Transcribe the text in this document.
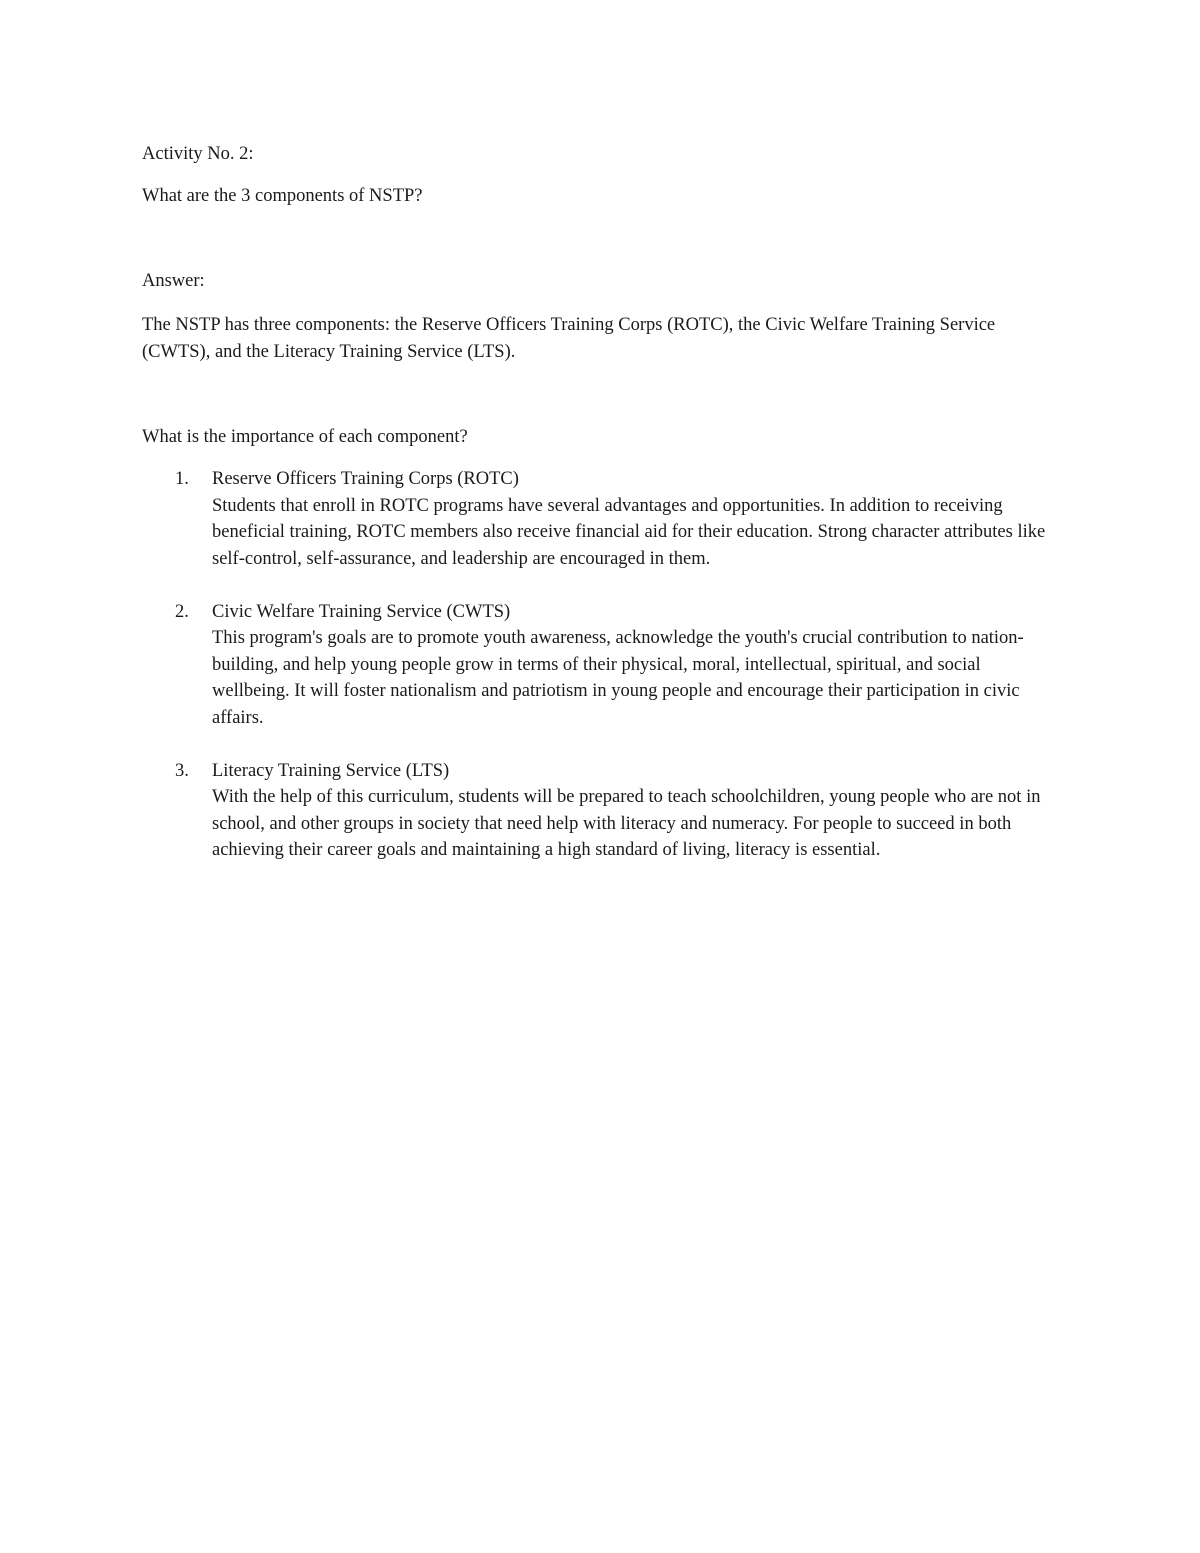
Activity No. 2:

What are the 3 components of NSTP?

Answer:

The NSTP has three components: the Reserve Officers Training Corps (ROTC), the Civic Welfare Training Service (CWTS), and the Literacy Training Service (LTS).

What is the importance of each component?

1. Reserve Officers Training Corps (ROTC)
Students that enroll in ROTC programs have several advantages and opportunities. In addition to receiving beneficial training, ROTC members also receive financial aid for their education. Strong character attributes like self-control, self-assurance, and leadership are encouraged in them.
2. Civic Welfare Training Service (CWTS)
This program's goals are to promote youth awareness, acknowledge the youth's crucial contribution to nation-building, and help young people grow in terms of their physical, moral, intellectual, spiritual, and social wellbeing. It will foster nationalism and patriotism in young people and encourage their participation in civic affairs.
3. Literacy Training Service (LTS)
With the help of this curriculum, students will be prepared to teach schoolchildren, young people who are not in school, and other groups in society that need help with literacy and numeracy. For people to succeed in both achieving their career goals and maintaining a high standard of living, literacy is essential.
